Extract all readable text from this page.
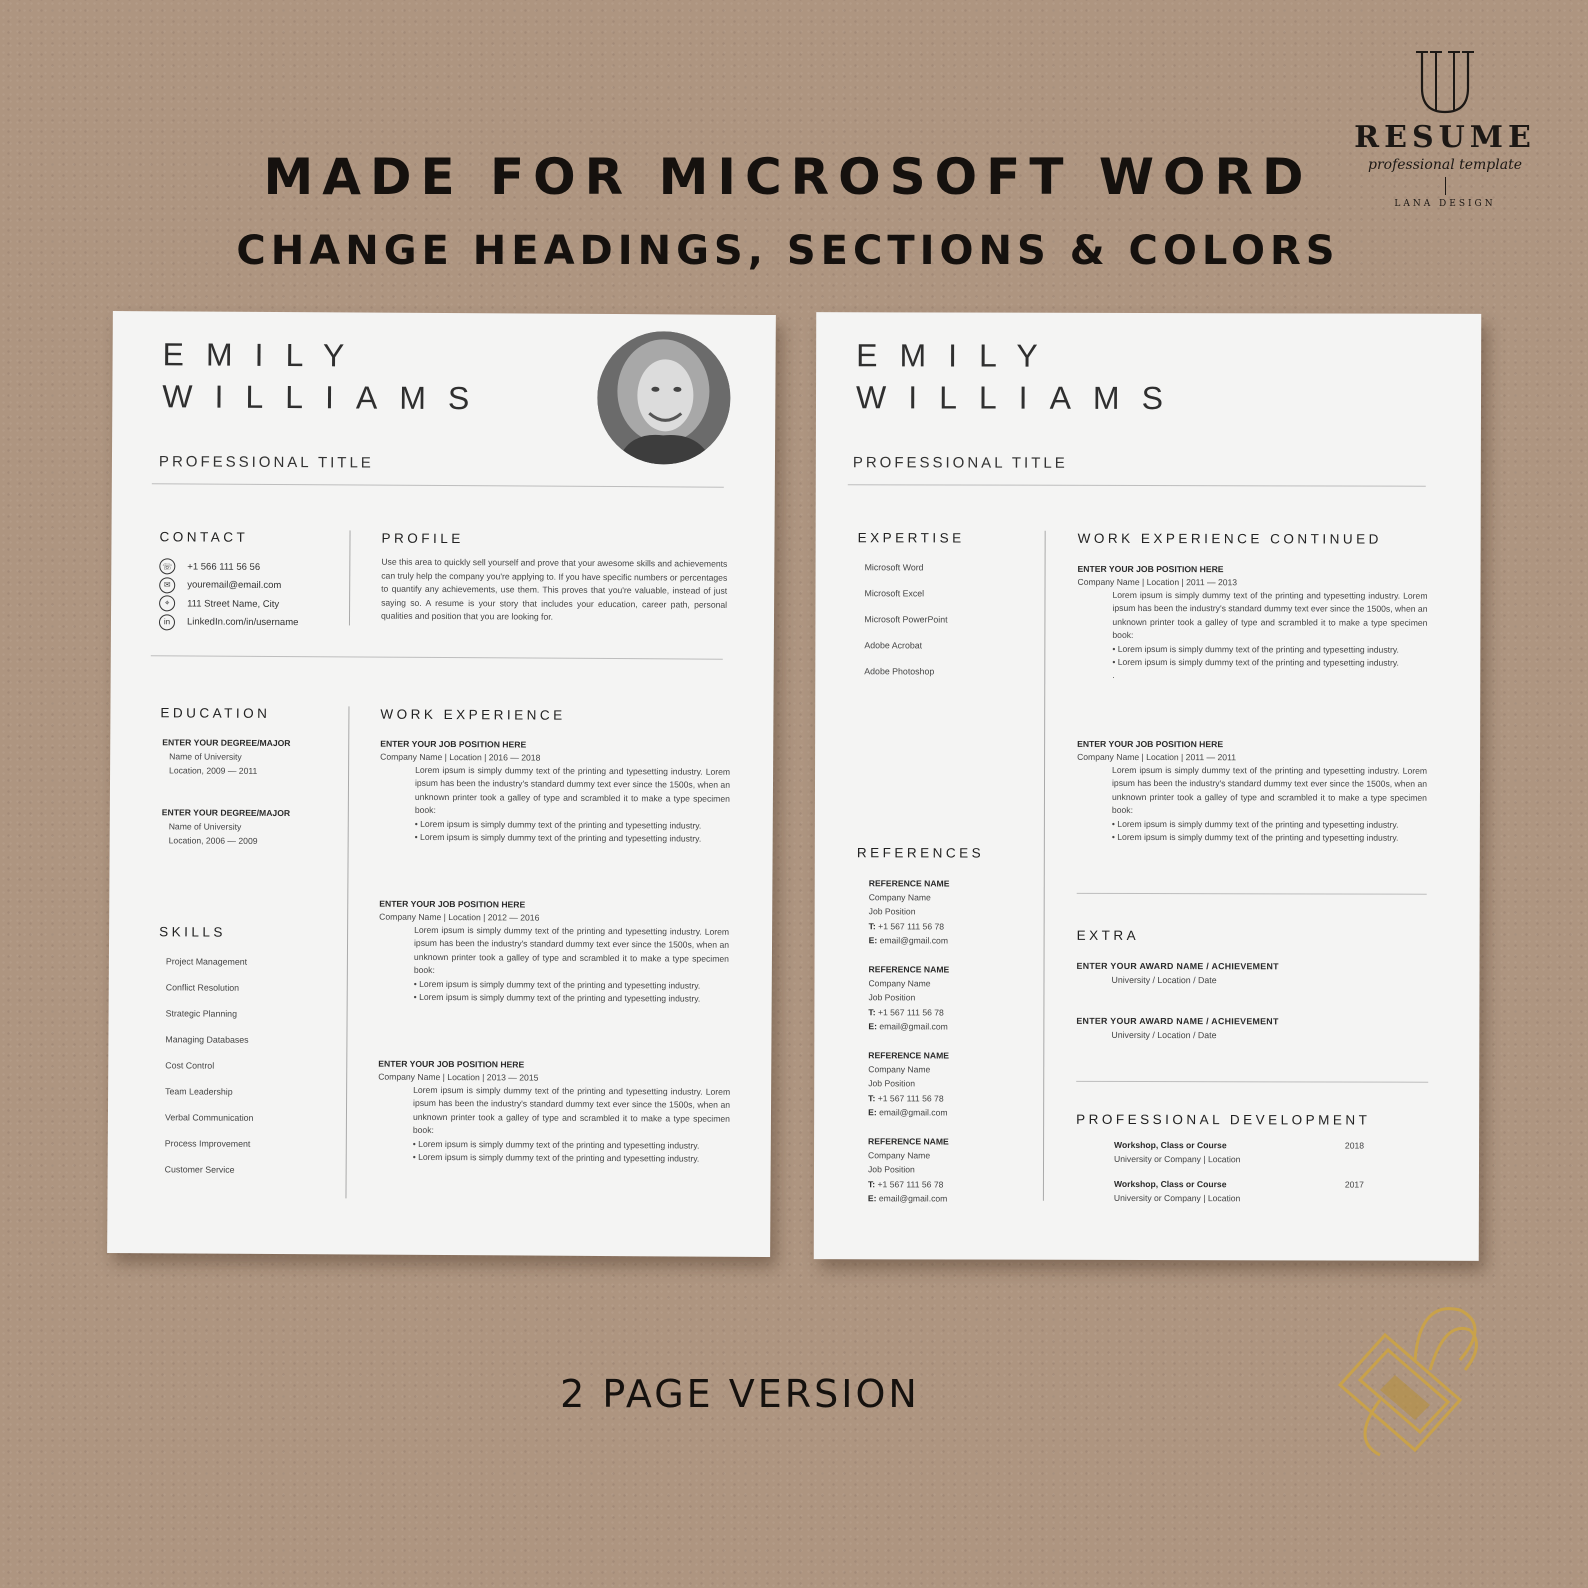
MADE FOR MICROSOFT WORD
CHANGE HEADINGS, SECTIONS & COLORS
RESUME
professional template
LANA DESIGN
EMILY
WILLIAMS
PROFESSIONAL TITLE
CONTACT
☏	+1 566 111 56 56
✉	youremail@email.com
⌖	111 Street Name, City
in	LinkedIn.com/in/username
PROFILE
Use this area to quickly sell yourself and prove that your awesome skills and achievements can truly help the company you're applying to. If you have specific numbers or percentages to quantify any achievements, use them. This proves that you're valuable, instead of just saying so. A resume is your story that includes your education, career path, personal qualities and position that you are looking for.
EDUCATION
ENTER YOUR DEGREE/MAJOR
Name of University
Location, 2009 — 2011
ENTER YOUR DEGREE/MAJOR
Name of University
Location, 2006 — 2009
SKILLS
Project Management
Conflict Resolution
Strategic Planning
Managing Databases
Cost Control
Team Leadership
Verbal Communication
Process Improvement
Customer Service
WORK EXPERIENCE
ENTER YOUR JOB POSITION HERE
Company Name | Location | 2016 — 2018
Lorem ipsum is simply dummy text of the printing and typesetting industry. Lorem ipsum has been the industry's standard dummy text ever since the 1500s, when an unknown printer took a galley of type and scrambled it to make a type specimen book:
• Lorem ipsum is simply dummy text of the printing and typesetting industry.
• Lorem ipsum is simply dummy text of the printing and typesetting industry.
ENTER YOUR JOB POSITION HERE
Company Name | Location | 2012 — 2016
Lorem ipsum is simply dummy text of the printing and typesetting industry. Lorem ipsum has been the industry's standard dummy text ever since the 1500s, when an unknown printer took a galley of type and scrambled it to make a type specimen book:
• Lorem ipsum is simply dummy text of the printing and typesetting industry.
• Lorem ipsum is simply dummy text of the printing and typesetting industry.
ENTER YOUR JOB POSITION HERE
Company Name | Location | 2013 — 2015
Lorem ipsum is simply dummy text of the printing and typesetting industry. Lorem ipsum has been the industry's standard dummy text ever since the 1500s, when an unknown printer took a galley of type and scrambled it to make a type specimen book:
• Lorem ipsum is simply dummy text of the printing and typesetting industry.
• Lorem ipsum is simply dummy text of the printing and typesetting industry.
EMILY
WILLIAMS
PROFESSIONAL TITLE
EXPERTISE
Microsoft Word
Microsoft Excel
Microsoft PowerPoint
Adobe Acrobat
Adobe Photoshop
REFERENCES
REFERENCE NAME
Company Name
Job Position
T: +1 567 111 56 78
E: email@gmail.com
REFERENCE NAME
Company Name
Job Position
T: +1 567 111 56 78
E: email@gmail.com
REFERENCE NAME
Company Name
Job Position
T: +1 567 111 56 78
E: email@gmail.com
REFERENCE NAME
Company Name
Job Position
T: +1 567 111 56 78
E: email@gmail.com
WORK EXPERIENCE CONTINUED
ENTER YOUR JOB POSITION HERE
Company Name | Location | 2011 — 2013
Lorem ipsum is simply dummy text of the printing and typesetting industry. Lorem ipsum has been the industry's standard dummy text ever since the 1500s, when an unknown printer took a galley of type and scrambled it to make a type specimen book:
• Lorem ipsum is simply dummy text of the printing and typesetting industry.
• Lorem ipsum is simply dummy text of the printing and typesetting industry.
.
ENTER YOUR JOB POSITION HERE
Company Name | Location | 2011 — 2011
Lorem ipsum is simply dummy text of the printing and typesetting industry. Lorem ipsum has been the industry's standard dummy text ever since the 1500s, when an unknown printer took a galley of type and scrambled it to make a type specimen book:
• Lorem ipsum is simply dummy text of the printing and typesetting industry.
• Lorem ipsum is simply dummy text of the printing and typesetting industry.
EXTRA
ENTER YOUR AWARD NAME / ACHIEVEMENT
University / Location / Date
ENTER YOUR AWARD NAME / ACHIEVEMENT
University / Location / Date
PROFESSIONAL DEVELOPMENT
Workshop, Class or Course
University or Company | Location
2018
Workshop, Class or Course
University or Company | Location
2017
2 PAGE VERSION
